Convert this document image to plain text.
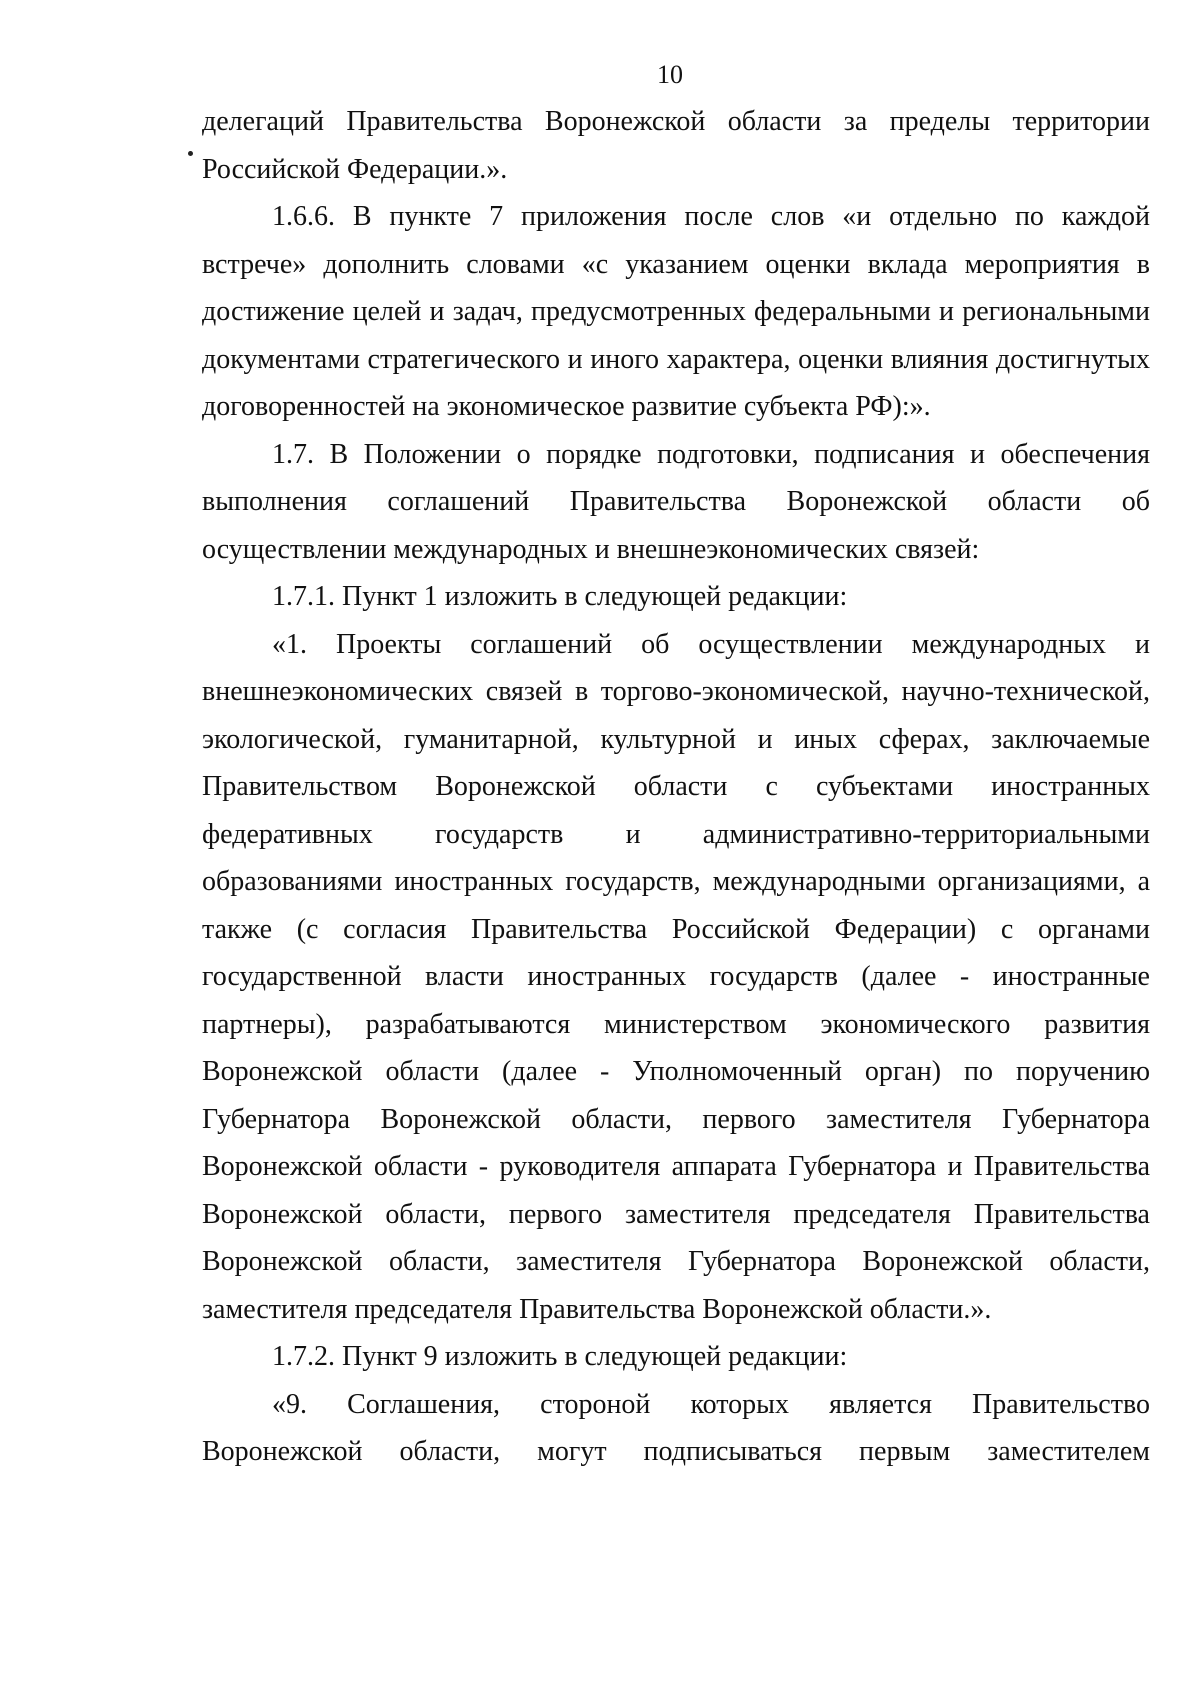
10

делегаций Правительства Воронежской области за пределы территории Российской Федерации.».

1.6.6. В пункте 7 приложения после слов «и отдельно по каждой встрече» дополнить словами «с указанием оценки вклада мероприятия в достижение целей и задач, предусмотренных федеральными и региональными документами стратегического и иного характера, оценки влияния достигнутых договоренностей на экономическое развитие субъекта РФ):».

1.7. В Положении о порядке подготовки, подписания и обеспечения выполнения соглашений Правительства Воронежской области об осуществлении международных и внешнеэкономических связей:

1.7.1. Пункт 1 изложить в следующей редакции:

«1. Проекты соглашений об осуществлении международных и внешнеэкономических связей в торгово-экономической, научно-технической, экологической, гуманитарной, культурной и иных сферах, заключаемые Правительством Воронежской области с субъектами иностранных федеративных государств и административно-территориальными образованиями иностранных государств, международными организациями, а также (с согласия Правительства Российской Федерации) с органами государственной власти иностранных государств (далее - иностранные партнеры), разрабатываются министерством экономического развития Воронежской области (далее - Уполномоченный орган) по поручению Губернатора Воронежской области, первого заместителя Губернатора Воронежской области - руководителя аппарата Губернатора и Правительства Воронежской области, первого заместителя председателя Правительства Воронежской области, заместителя Губернатора Воронежской области, заместителя председателя Правительства Воронежской области.».

1.7.2. Пункт 9 изложить в следующей редакции:

«9. Соглашения, стороной которых является Правительство Воронежской области, могут подписываться первым заместителем
